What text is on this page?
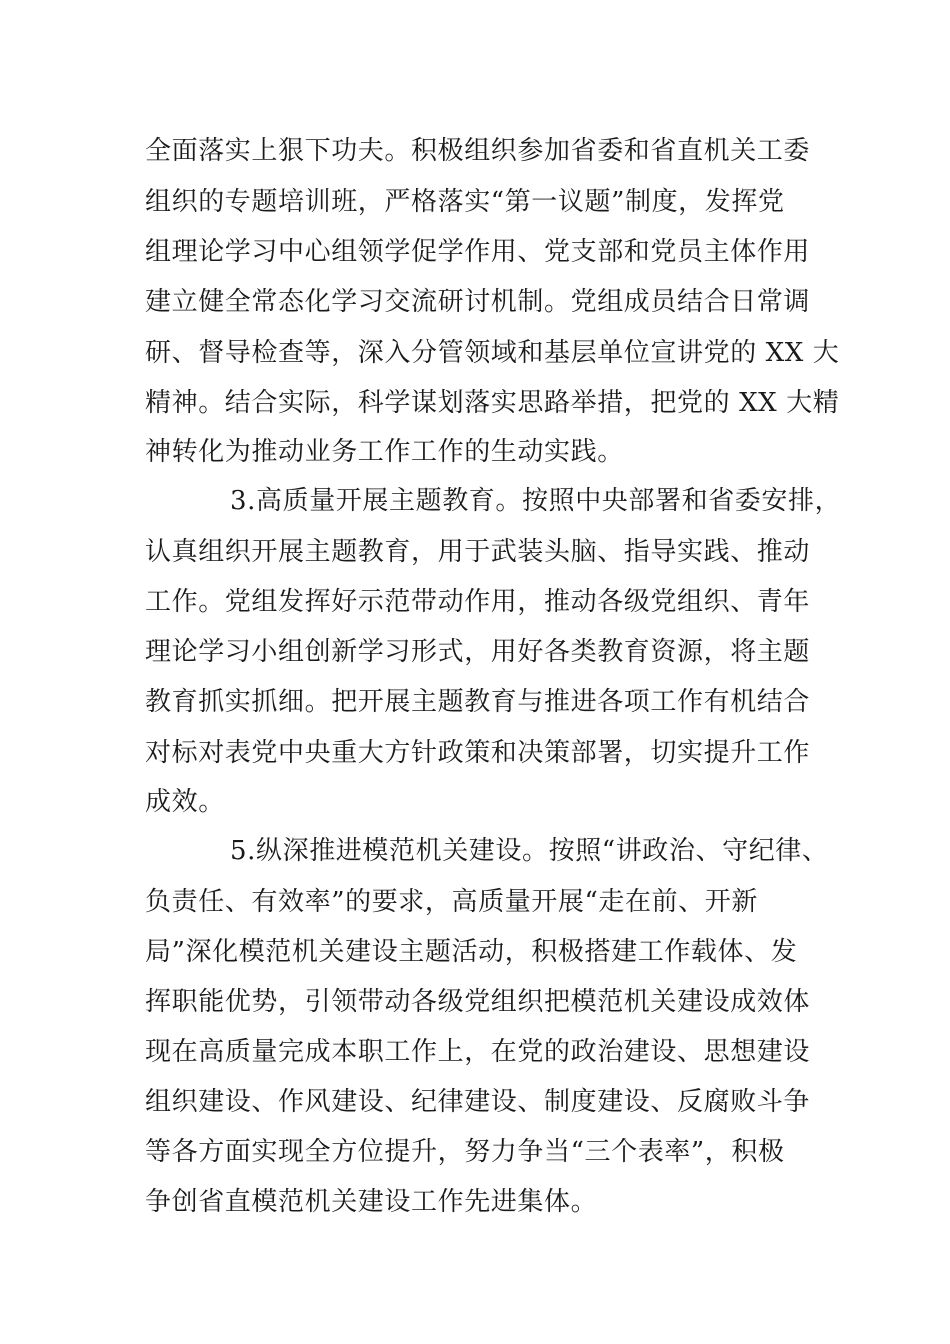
全面落实上狠下功夫。积极组织参加省委和省直机关工委
组织的专题培训班，严格落实“第一议题”制度，发挥党
组理论学习中心组领学促学作用、党支部和党员主体作用
建立健全常态化学习交流研讨机制。党组成员结合日常调
研、督导检查等，深入分管领域和基层单位宣讲党的 XX 大
精神。结合实际，科学谋划落实思路举措，把党的 XX 大精
神转化为推动业务工作工作的生动实践。
3.高质量开展主题教育。按照中央部署和省委安排，
认真组织开展主题教育，用于武装头脑、指导实践、推动
工作。党组发挥好示范带动作用，推动各级党组织、青年
理论学习小组创新学习形式，用好各类教育资源，将主题
教育抓实抓细。把开展主题教育与推进各项工作有机结合
对标对表党中央重大方针政策和决策部署，切实提升工作
成效。
5.纵深推进模范机关建设。按照“讲政治、守纪律、
负责任、有效率”的要求，高质量开展“走在前、开新
局”深化模范机关建设主题活动，积极搭建工作载体、发
挥职能优势，引领带动各级党组织把模范机关建设成效体
现在高质量完成本职工作上，在党的政治建设、思想建设
组织建设、作风建设、纪律建设、制度建设、反腐败斗争
等各方面实现全方位提升，努力争当“三个表率”，积极
争创省直模范机关建设工作先进集体。
